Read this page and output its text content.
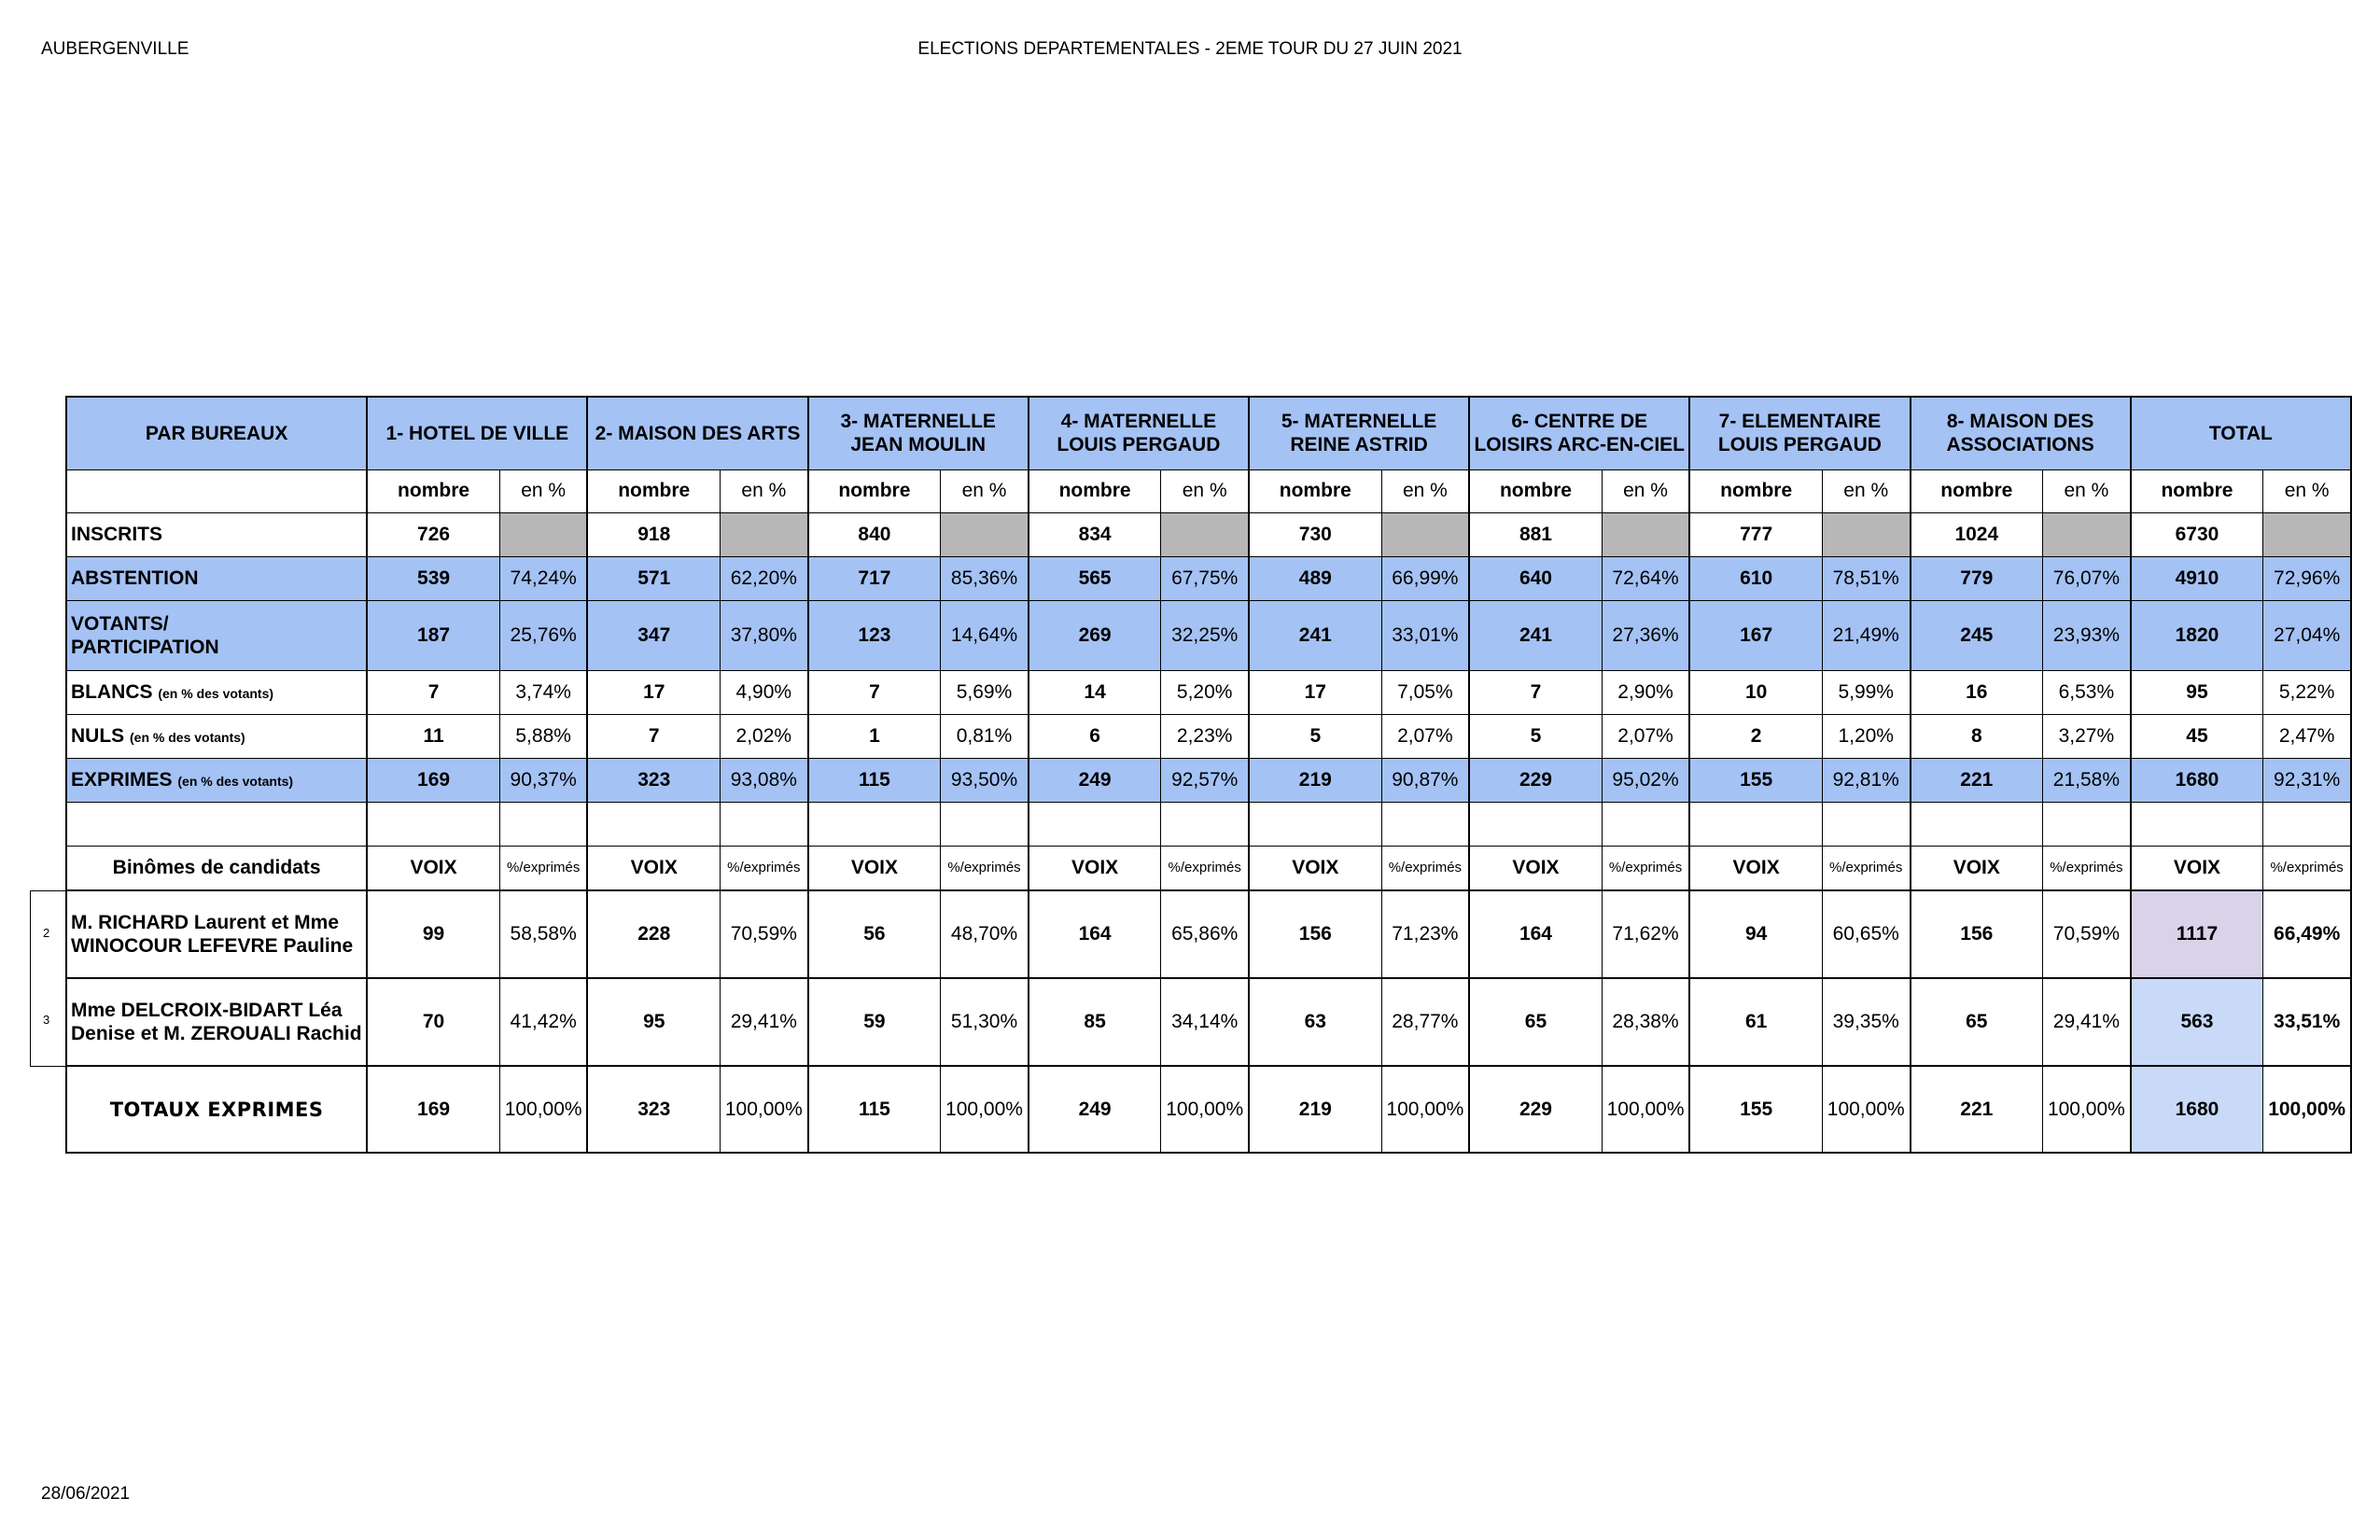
AUBERGENVILLE	ELECTIONS DEPARTEMENTALES - 2EME TOUR DU 27 JUIN 2021
2
3
PAR BUREAUX	1- HOTEL DE VILLE		2- MAISON DES ARTS		3- MATERNELLE JEAN MOULIN		4- MATERNELLE LOUIS PERGAUD		5- MATERNELLE REINE ASTRID		6- CENTRE DE LOISIRS ARC-EN-CIEL		7- ELEMENTAIRE LOUIS PERGAUD		8- MAISON DES ASSOCIATIONS		TOTAL	
	nombre	en %	nombre	en %	nombre	en %	nombre	en %	nombre	en %	nombre	en %	nombre	en %	nombre	en %	nombre	en %
INSCRITS	726		918		840		834		730		881		777		1024		6730	
ABSTENTION	539	74,24%	571	62,20%	717	85,36%	565	67,75%	489	66,99%	640	72,64%	610	78,51%	779	76,07%	4910	72,96%

VOTANTS/
PARTICIPATION	187	25,76%	347	37,80%	123	14,64%	269	32,25%	241	33,01%	241	27,36%	167	21,49%	245	23,93%	1820	27,04%
BLANCS (en % des votants)	7	3,74%	17	4,90%	7	5,69%	14	5,20%	17	7,05%	7	2,90%	10	5,99%	16	6,53%	95	5,22%
NULS (en % des votants)	11	5,88%	7	2,02%	1	0,81%	6	2,23%	5	2,07%	5	2,07%	2	1,20%	8	3,27%	45	2,47%
EXPRIMES (en % des votants)	169	90,37%	323	93,08%	115	93,50%	249	92,57%	219	90,87%	229	95,02%	155	92,81%	221	21,58%	1680	92,31%

Binômes de candidats	VOIX	%/exprimés	VOIX	%/exprimés	VOIX	%/exprimés	VOIX	%/exprimés	VOIX	%/exprimés	VOIX	%/exprimés	VOIX	%/exprimés	VOIX	%/exprimés	VOIX	%/exprimés
M. RICHARD Laurent et Mme WINOCOUR LEFEVRE Pauline	99	58,58%	228	70,59%	56	48,70%	164	65,86%	156	71,23%	164	71,62%	94	60,65%	156	70,59%	1117	66,49%
Mme DELCROIX-BIDART Léa Denise et M. ZEROUALI Rachid	70	41,42%	95	29,41%	59	51,30%	85	34,14%	63	28,77%	65	28,38%	61	39,35%	65	29,41%	563	33,51%
TOTAUX EXPRIMES	169	100,00%	323	100,00%	115	100,00%	249	100,00%	219	100,00%	229	100,00%	155	100,00%	221	100,00%	1680	100,00%
28/06/2021
